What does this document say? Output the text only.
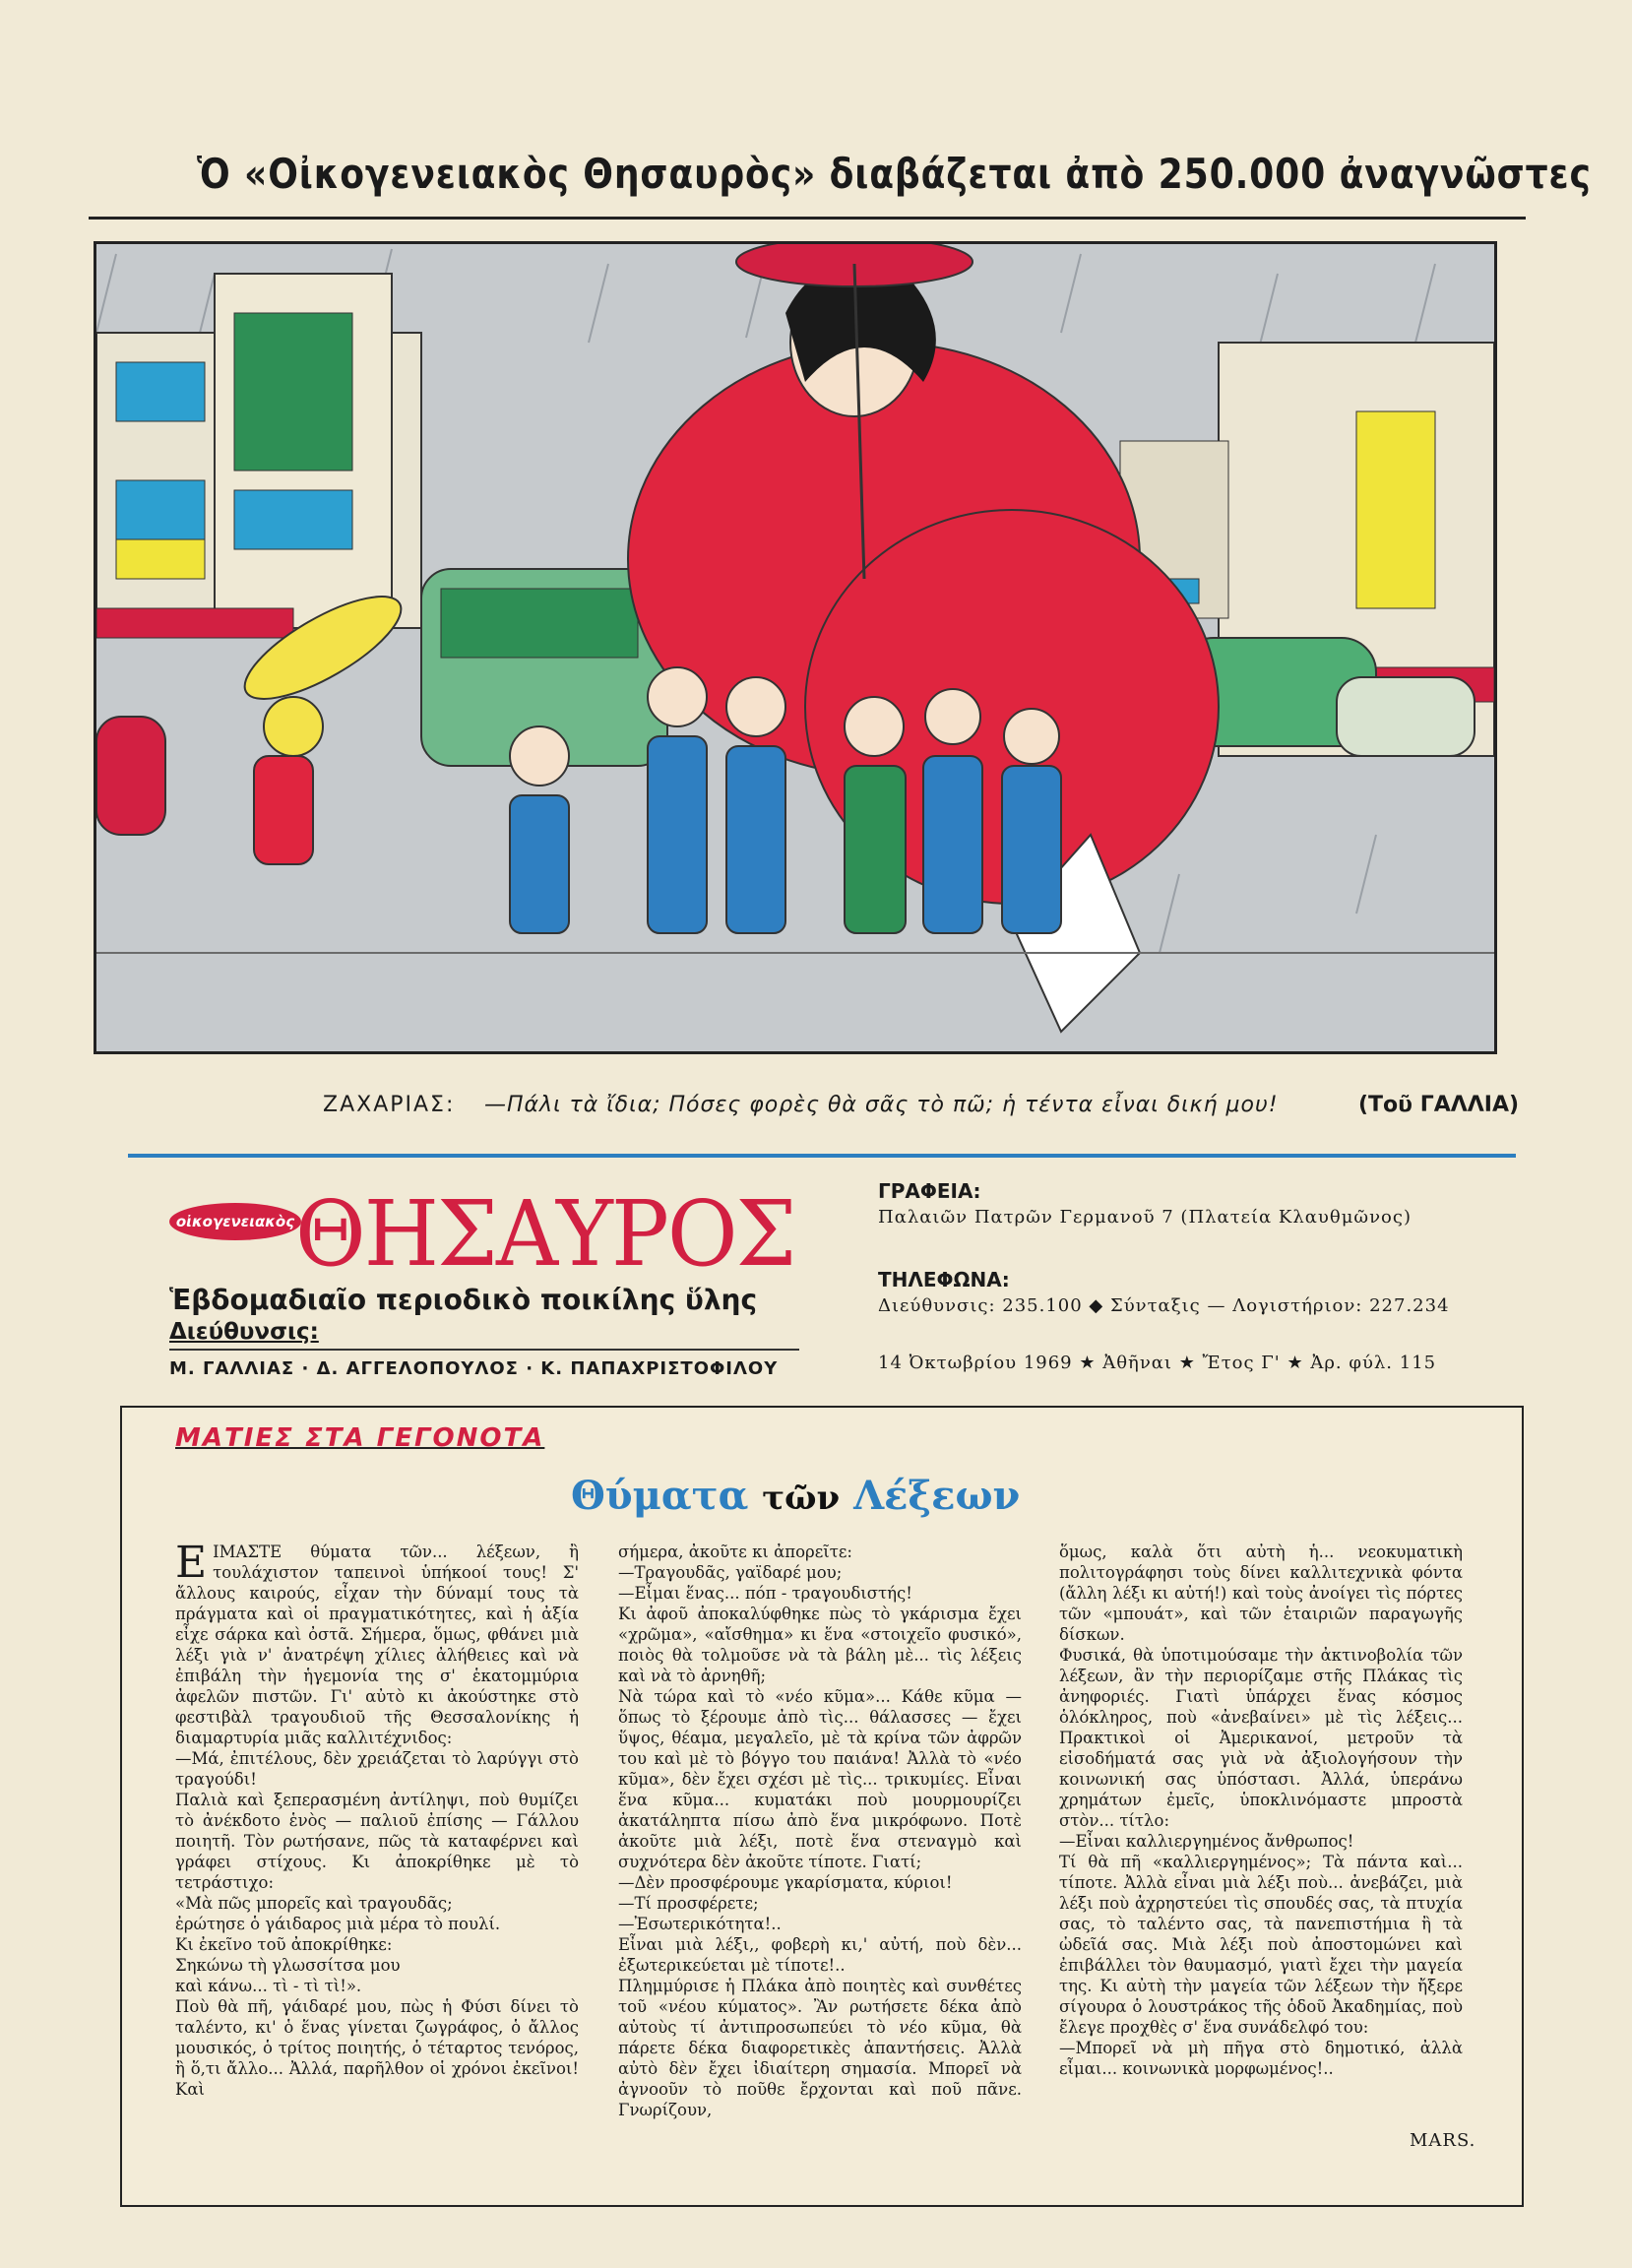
Ὁ «Οἰκογενειακὸς Θησαυρὸς» διαβάζεται ἀπὸ 250.000 ἀναγνῶστες
ΖΑΧΑΡΙΑΣ: —Πάλι τὰ ἴδια; Πόσες φορὲς θὰ σᾶς τὸ πῶ; ἡ τέντα εἶναι δική μου!	(Τοῦ ΓΑΛΛΙΑ)
οἰκογενειακὸς ΘΗΣΑΥΡΟΣ
Ἑβδομαδιαῖο περιοδικὸ ποικίλης ὕλης
Διεύθυνσις:
Μ. ΓΑΛΛΙΑΣ · Δ. ΑΓΓΕΛΟΠΟΥΛΟΣ · Κ. ΠΑΠΑΧΡΙΣΤΟΦΙΛΟΥ
ΓΡΑΦΕΙΑ:
Παλαιῶν Πατρῶν Γερμανοῦ 7 (Πλατεία Κλαυθμῶνος)
ΤΗΛΕΦΩΝΑ:
Διεύθυνσις: 235.100 ◆ Σύνταξις — Λογιστήριον: 227.234
14 Ὀκτωβρίου 1969 ★ Ἀθῆναι ★ Ἔτος Γ' ★ Ἀρ. φύλ. 115
ΜΑΤΙΕΣ ΣΤΑ ΓΕΓΟΝΟΤΑ
Θύματα τῶν Λέξεων
EΙΜΑΣΤΕ θύματα τῶν... λέξεων, ἢ τουλάχιστον ταπεινοὶ ὑπήκοοί τους! Σ' ἄλλους καιρούς, εἶχαν τὴν δύναμί τους τὰ πράγματα καὶ οἱ πραγματικότητες, καὶ ἡ ἀξία εἶχε σάρκα καὶ ὀστᾶ. Σήμερα, ὅμως, φθάνει μιὰ λέξι γιὰ ν' ἀνατρέψη χίλιες ἀλήθειες καὶ νὰ ἐπιβάλη τὴν ἡγεμονία της σ' ἑκατομμύρια ἀφελῶν πιστῶν. Γι' αὐτὸ κι ἀκούστηκε στὸ φεστιβὰλ τραγουδιοῦ τῆς Θεσσαλονίκης ἡ διαμαρτυρία μιᾶς καλλιτέχνιδος:
—Μά, ἐπιτέλους, δὲν χρειάζεται τὸ λαρύγγι στὸ τραγούδι!
Παλιὰ καὶ ξεπερασμένη ἀντίληψι, ποὺ θυμίζει τὸ ἀνέκδοτο ἑνὸς — παλιοῦ ἐπίσης — Γάλλου ποιητῆ. Τὸν ρωτήσανε, πῶς τὰ καταφέρνει καὶ γράφει στίχους. Κι ἀποκρίθηκε μὲ τὸ τετράστιχο:
«Μὰ πῶς μπορεῖς καὶ τραγουδᾶς;
ἐρώτησε ὁ γάιδαρος μιὰ μέρα τὸ πουλί.
Κι ἐκεῖνο τοῦ ἀποκρίθηκε:
Σηκώνω τὴ γλωσσίτσα μου
καὶ κάνω... τὶ - τὶ τὶ!».
Ποὺ θὰ πῆ, γάιδαρέ μου, πὼς ἡ Φύσι δίνει τὸ ταλέντο, κι' ὁ ἕνας γίνεται ζωγράφος, ὁ ἄλλος μουσικός, ὁ τρίτος ποιητής, ὁ τέταρτος τενόρος, ἢ ὅ,τι ἄλλο... Ἀλλά, παρῆλθον οἱ χρόνοι ἐκεῖνοι! Καὶ
σήμερα, ἀκοῦτε κι ἀπορεῖτε:
—Τραγουδᾶς, γαϊδαρέ μου;
—Εἶμαι ἕνας... πόπ - τραγουδιστής!
Κι ἀφοῦ ἀποκαλύφθηκε πὼς τὸ γκάρισμα ἔχει «χρῶμα», «αἴσθημα» κι ἕνα «στοιχεῖο φυσικό», ποιὸς θὰ τολμοῦσε νὰ τὰ βάλη μὲ... τὶς λέξεις καὶ νὰ τὸ ἀρνηθῆ;
Νὰ τώρα καὶ τὸ «νέο κῦμα»... Κάθε κῦμα — ὅπως τὸ ξέρουμε ἀπὸ τὶς... θάλασσες — ἔχει ὕψος, θέαμα, μεγαλεῖο, μὲ τὰ κρίνα τῶν ἀφρῶν του καὶ μὲ τὸ βόγγο του παιάνα! Ἀλλὰ τὸ «νέο κῦμα», δὲν ἔχει σχέσι μὲ τὶς... τρικυμίες. Εἶναι ἕνα κῦμα... κυματάκι ποὺ μουρμουρίζει ἀκατάληπτα πίσω ἀπὸ ἕνα μικρόφωνο. Ποτὲ ἀκοῦτε μιὰ λέξι, ποτὲ ἕνα στεναγμὸ καὶ συχνότερα δὲν ἀκοῦτε τίποτε. Γιατί;
—Δὲν προσφέρουμε γκαρίσματα, κύριοι!
—Τί προσφέρετε;
—Ἐσωτερικότητα!..
Εἶναι μιὰ λέξι,, φοβερὴ κι,' αὐτή, ποὺ δὲν... ἐξωτερικεύεται μὲ τίποτε!..
Πλημμύρισε ἡ Πλάκα ἀπὸ ποιητὲς καὶ συνθέτες τοῦ «νέου κύματος». Ἂν ρωτήσετε δέκα ἀπὸ αὐτοὺς τί ἀντιπροσωπεύει τὸ νέο κῦμα, θὰ πάρετε δέκα διαφορετικὲς ἀπαντήσεις. Ἀλλὰ αὐτὸ δὲν ἔχει ἰδιαίτερη σημασία. Μπορεῖ νὰ ἀγνοοῦν τὸ ποῦθε ἔρχονται καὶ ποῦ πᾶνε. Γνωρίζουν,
ὅμως, καλὰ ὅτι αὐτὴ ἡ... νεοκυματικὴ πολιτογράφησι τοὺς δίνει καλλιτεχνικὰ φόντα (ἄλλη λέξι κι αὐτή!) καὶ τοὺς ἀνοίγει τὶς πόρτες τῶν «μπουάτ», καὶ τῶν ἑταιριῶν παραγωγῆς δίσκων.
Φυσικά, θὰ ὑποτιμούσαμε τὴν ἀκτινοβολία τῶν λέξεων, ἂν τὴν περιορίζαμε στῆς Πλάκας τὶς ἀνηφοριές. Γιατὶ ὑπάρχει ἕνας κόσμος ὁλόκληρος, ποὺ «ἀνεβαίνει» μὲ τὶς λέξεις... Πρακτικοὶ οἱ Ἀμερικανοί, μετροῦν τὰ εἰσοδήματά σας γιὰ νὰ ἀξιολογήσουν τὴν κοινωνική σας ὑπόστασι. Ἀλλά, ὑπεράνω χρημάτων ἐμεῖς, ὑποκλινόμαστε μπροστὰ στὸν... τίτλο:
—Εἶναι καλλιεργημένος ἄνθρωπος!
Τί θὰ πῆ «καλλιεργημένος»; Τὰ πάντα καὶ... τίποτε. Ἀλλὰ εἶναι μιὰ λέξι ποὺ... ἀνεβάζει, μιὰ λέξι ποὺ ἀχρηστεύει τὶς σπουδές σας, τὰ πτυχία σας, τὸ ταλέντο σας, τὰ πανεπιστήμια ἢ τὰ ὠδεῖά σας. Μιὰ λέξι ποὺ ἀποστομώνει καὶ ἐπιβάλλει τὸν θαυμασμό, γιατὶ ἔχει τὴν μαγεία της. Κι αὐτὴ τὴν μαγεία τῶν λέξεων τὴν ἤξερε σίγουρα ὁ λουστράκος τῆς ὁδοῦ Ἀκαδημίας, ποὺ ἔλεγε προχθὲς σ' ἕνα συνάδελφό του:
—Μπορεῖ νὰ μὴ πῆγα στὸ δημοτικό, ἀλλὰ εἶμαι... κοινωνικὰ μορφωμένος!..
MARS.
